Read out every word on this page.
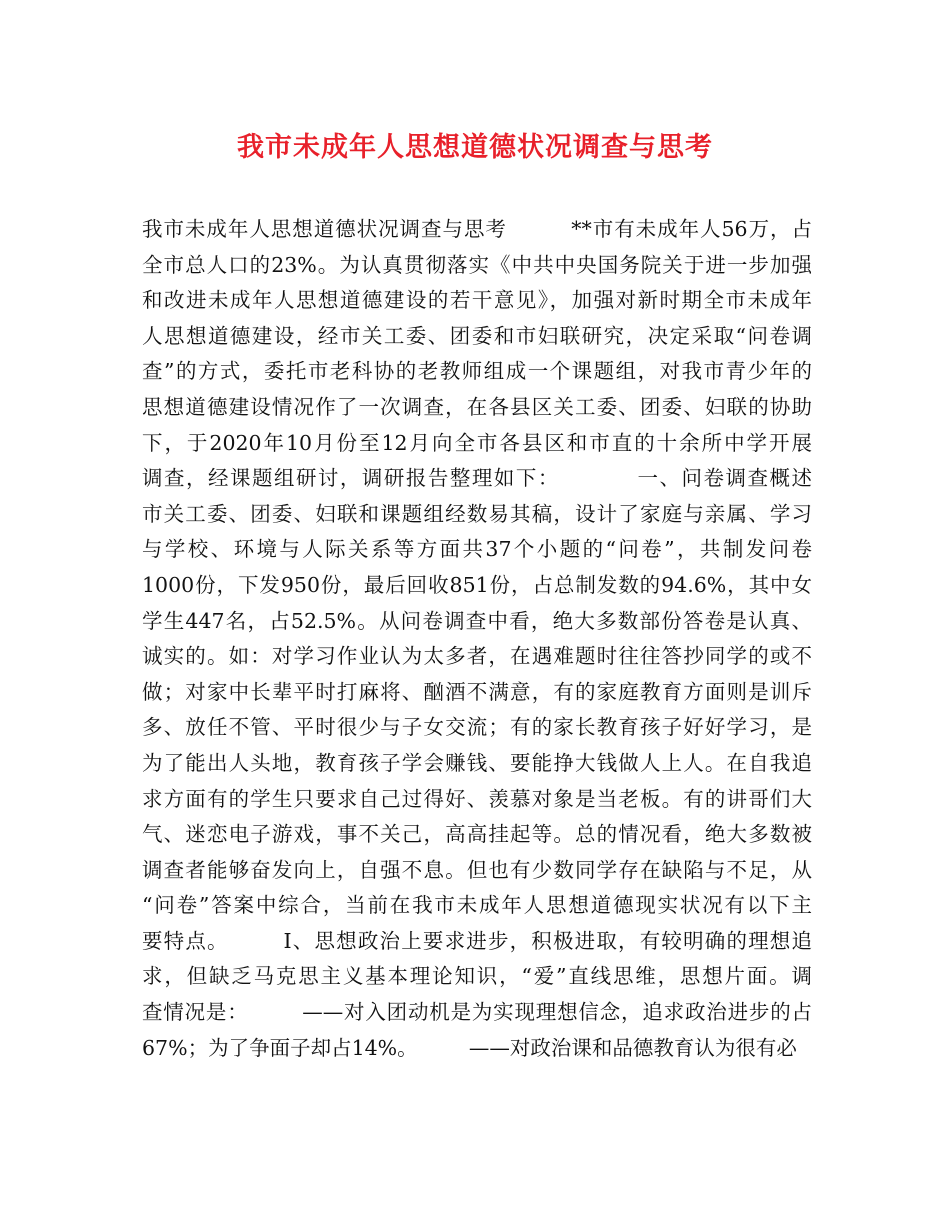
我市未成年人思想道德状况调查与思考
我市未成年人思想道德状况调查与思考　　　**市有未成年人56万，占
全市总人口的23%。为认真贯彻落实《中共中央国务院关于进一步加强
和改进未成年人思想道德建设的若干意见》，加强对新时期全市未成年
人思想道德建设，经市关工委、团委和市妇联研究，决定采取“问卷调
查”的方式，委托市老科协的老教师组成一个课题组，对我市青少年的
思想道德建设情况作了一次调查，在各县区关工委、团委、妇联的协助
下，于2020年10月份至12月向全市各县区和市直的十余所中学开展
调查，经课题组研讨，调研报告整理如下：　　　　一、问卷调查概述
市关工委、团委、妇联和课题组经数易其稿，设计了家庭与亲属、学习
与学校、环境与人际关系等方面共37个小题的“问卷”，共制发问卷
1000份，下发950份，最后回收851份，占总制发数的94.6%，其中女
学生447名，占52.5%。从问卷调查中看，绝大多数部份答卷是认真、
诚实的。如：对学习作业认为太多者，在遇难题时往往答抄同学的或不
做；对家中长辈平时打麻将、酗酒不满意，有的家庭教育方面则是训斥
多、放任不管、平时很少与子女交流；有的家长教育孩子好好学习，是
为了能出人头地，教育孩子学会赚钱、要能挣大钱做人上人。在自我追
求方面有的学生只要求自己过得好、羡慕对象是当老板。有的讲哥们大
气、迷恋电子游戏，事不关己，高高挂起等。总的情况看，绝大多数被
调查者能够奋发向上，自强不息。但也有少数同学存在缺陷与不足，从
“问卷”答案中综合，当前在我市未成年人思想道德现实状况有以下主
要特点。　　　Ⅰ、思想政治上要求进步，积极进取，有较明确的理想追
求，但缺乏马克思主义基本理论知识，“爱”直线思维，思想片面。调
查情况是：　　　——对入团动机是为实现理想信念，追求政治进步的占
67%；为了争面子却占14%。　　　——对政治课和品德教育认为很有必
